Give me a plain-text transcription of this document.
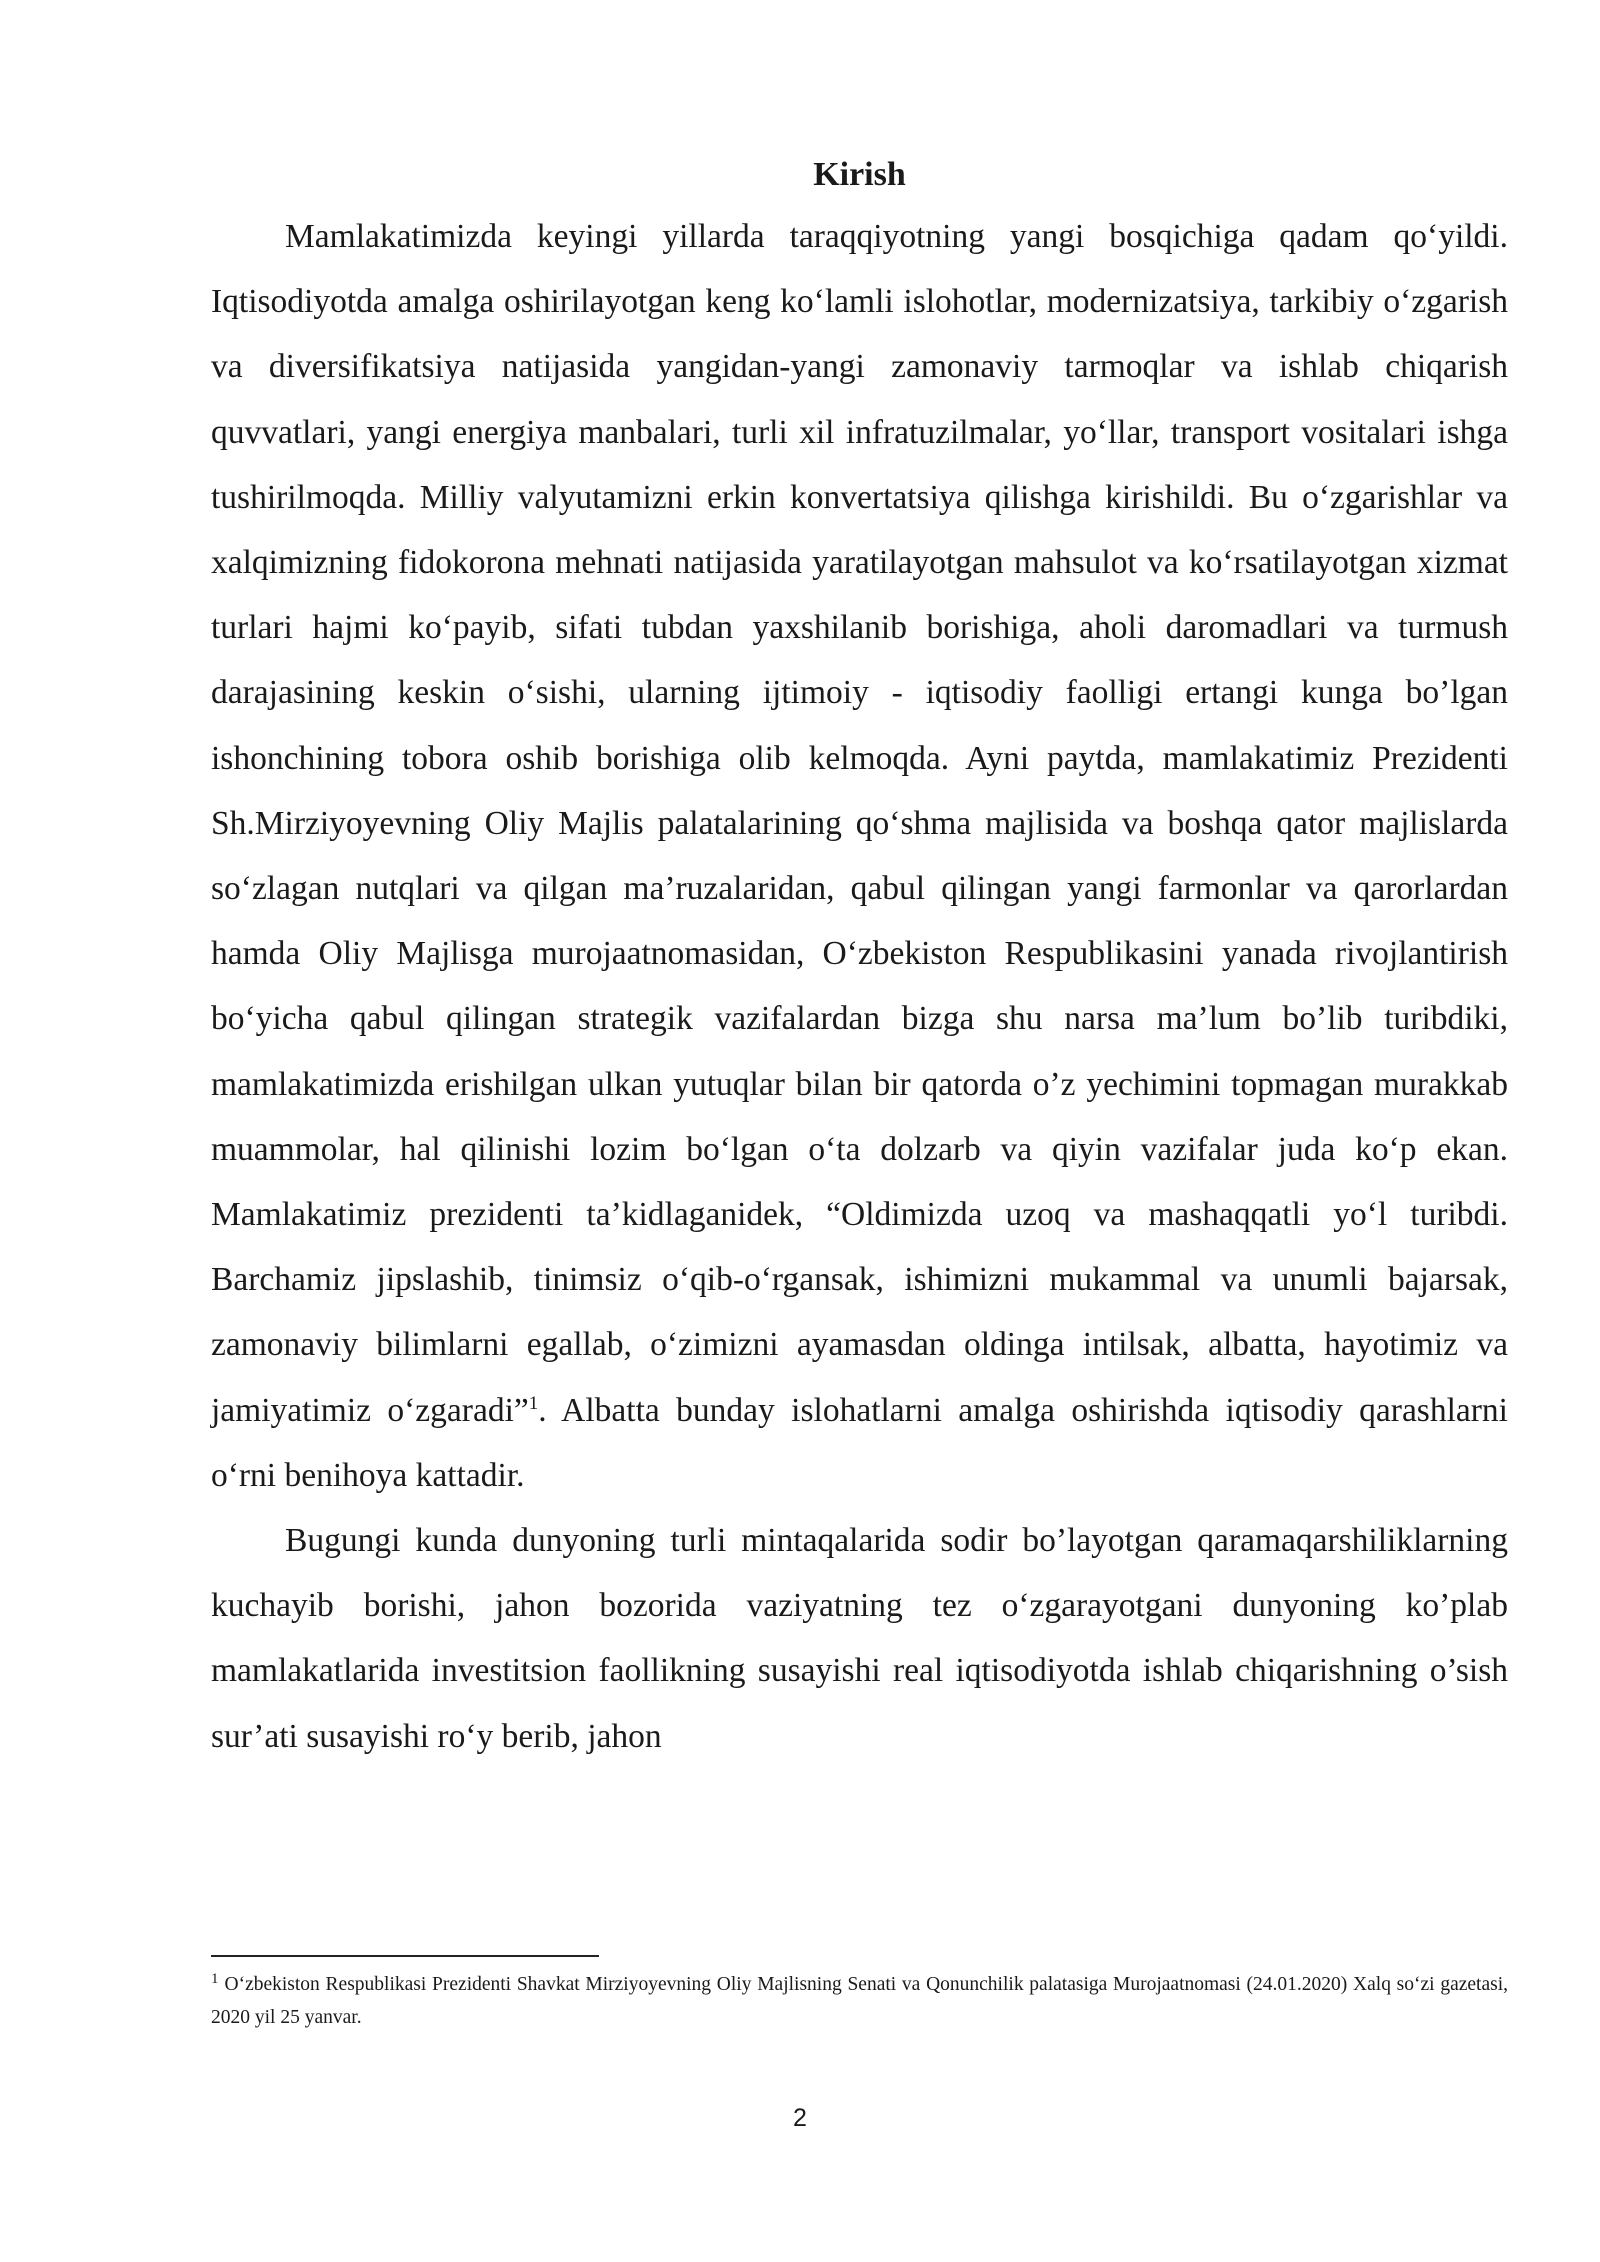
Kirish

Mamlakatimizda keyingi yillarda taraqqiyotning yangi bosqichiga qadam qo‘yildi. Iqtisodiyotda amalga oshirilayotgan keng ko‘lamli islohotlar, modernizatsiya, tarkibiy o‘zgarish va diversifikatsiya natijasida yangidan-yangi zamonaviy tarmoqlar va ishlab chiqarish quvvatlari, yangi energiya manbalari, turli xil infratuzilmalar, yo‘llar, transport vositalari ishga tushirilmoqda. Milliy valyutamizni erkin konvertatsiya qilishga kirishildi. Bu o‘zgarishlar va xalqimizning fidokorona mehnati natijasida yaratilayotgan mahsulot va ko‘rsatilayotgan xizmat turlari hajmi ko‘payib, sifati tubdan yaxshilanib borishiga, aholi daromadlari va turmush darajasining keskin o‘sishi, ularning ijtimoiy - iqtisodiy faolligi ertangi kunga bo’lgan ishonchining tobora oshib borishiga olib kelmoqda. Ayni paytda, mamlakatimiz Prezidenti Sh.Mirziyoyevning Oliy Majlis palatalarining qo‘shma majlisida va boshqa qator majlislarda so‘zlagan nutqlari va qilgan ma’ruzalaridan, qabul qilingan yangi farmonlar va qarorlardan hamda Oliy Majlisga murojaatnomasidan, O‘zbekiston Respublikasini yanada rivojlantirish bo‘yicha qabul qilingan strategik vazifalardan bizga shu narsa ma’lum bo’lib turibdiki, mamlakatimizda erishilgan ulkan yutuqlar bilan bir qatorda o’z yechimini topmagan murakkab muammolar, hal qilinishi lozim bo‘lgan o‘ta dolzarb va qiyin vazifalar juda ko‘p ekan. Mamlakatimiz prezidenti ta’kidlaganidek, “Oldimizda uzoq va mashaqqatli yo‘l turibdi. Barchamiz jipslashib, tinimsiz o‘qib-o‘rgansak, ishimizni mukammal va unumli bajarsak, zamonaviy bilimlarni egallab, o‘zimizni ayamasdan oldinga intilsak, albatta, hayotimiz va jamiyatimiz o‘zgaradi”$^1$. Albatta bunday islohatlarni amalga oshirishda iqtisodiy qarashlarni o‘rni benihoya kattadir.

Bugungi kunda dunyoning turli mintaqalarida sodir bo’layotgan qaramaqarshiliklarning kuchayib borishi, jahon bozorida vaziyatning tez o‘zgarayotgani dunyoning ko’plab mamlakatlarida investitsion faollikning susayishi real iqtisodiyotda ishlab chiqarishning o’sish sur’ati susayishi ro‘y berib, jahon

$^1$ O‘zbekiston Respublikasi Prezidenti Shavkat Mirziyoyevning Oliy Majlisning Senati va Qonunchilik palatasiga Murojaatnomasi (24.01.2020) Xalq so‘zi gazetasi, 2020 yil 25 yanvar.

2
